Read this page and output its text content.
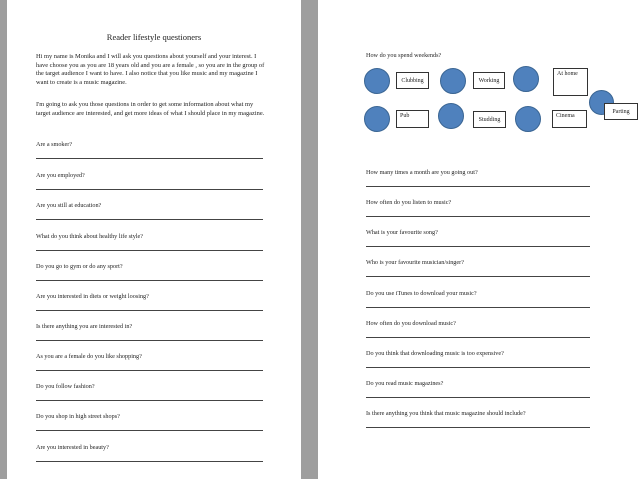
Reader lifestyle questioners
Hi my name is Monika and I will ask you questions about yourself and your interest. I have choose you as you are 18 years old and you are a female , so you are in the group of the target audience I want to have. I also notice that you like music and my magazine I want to create is a music magazine.
I'm going to ask you those questions in order to get some information about what my target audience are interested, and get more ideas of what I should place in my magazine.
Are a smoker?
Are you employed?
Are you still at education?
What do you think about healthy life style?
Do you go to gym or do any sport?
Are you interested in diets or weight loosing?
Is there anything you are interested in?
As you are a female do you like shopping?
Do you follow fashion?
Do you shop in high street shops?
Are you interested in beauty?
How do you spend weekends?
Clubbing	Working
At home
Pub
Studding
Cinema
Parting
How many times a month are you going out?
How often do you listen to music?
What is your favourite song?
Who is your favourite musician/singer?
Do you use iTunes to download your music?
How often do you download music?
Do you think that downloading music is too expensive?
Do you read music magazines?
Is there anything you think that music magazine should include?
